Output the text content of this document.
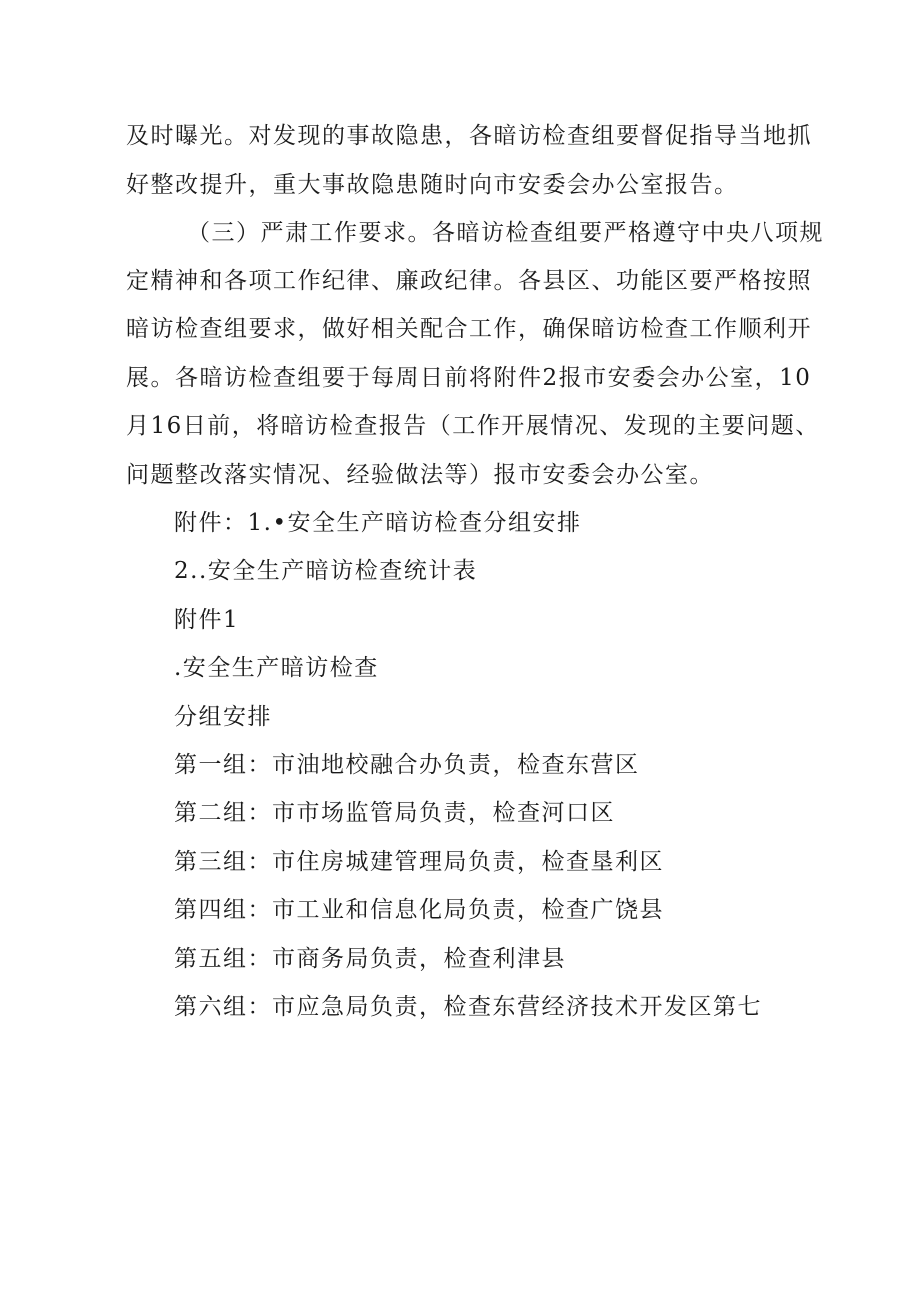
及时曝光。对发现的事故隐患，各暗访检查组要督促指导当地抓
好整改提升，重大事故隐患随时向市安委会办公室报告。
（三）严肃工作要求。各暗访检查组要严格遵守中央八项规
定精神和各项工作纪律、廉政纪律。各县区、功能区要严格按照
暗访检查组要求，做好相关配合工作，确保暗访检查工作顺利开
展。各暗访检查组要于每周日前将附件2报市安委会办公室，10
月16日前，将暗访检查报告（工作开展情况、发现的主要问题、
问题整改落实情况、经验做法等）报市安委会办公室。
附件：1.•安全生产暗访检查分组安排
2..安全生产暗访检查统计表
附件1
.安全生产暗访检查
分组安排
第一组：市油地校融合办负责，检查东营区
第二组：市市场监管局负责，检查河口区
第三组：市住房城建管理局负责，检查垦利区
第四组：市工业和信息化局负责，检查广饶县
第五组：市商务局负责，检查利津县
第六组：市应急局负责，检查东营经济技术开发区第七
